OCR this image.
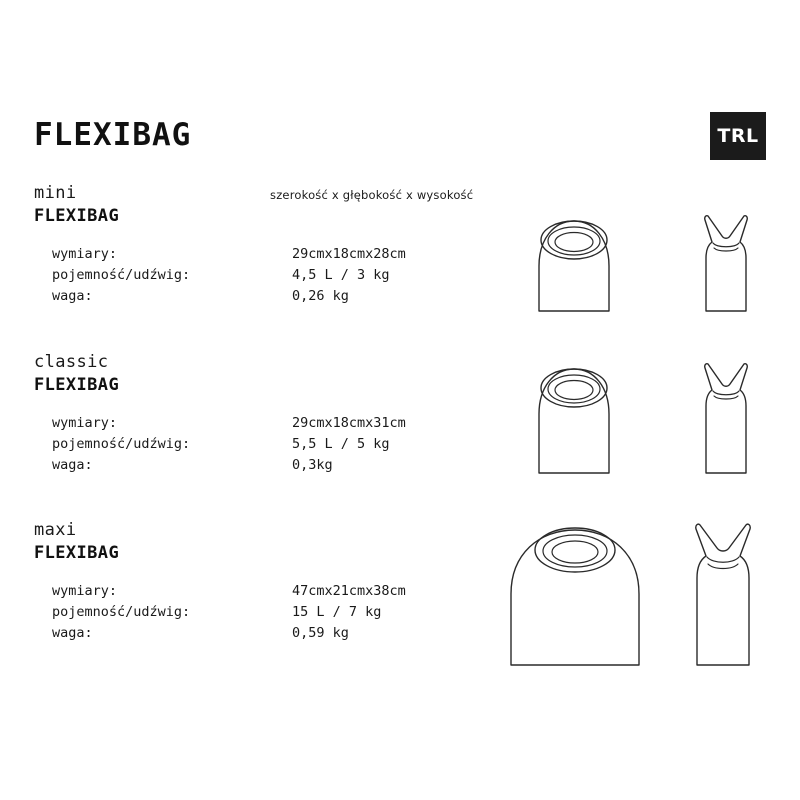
FLEXIBAG	TRL
szerokość x głębokość x wysokość
mini
FLEXIBAG
wymiary:	29cmx18cmx28cm
pojemność/udźwig:	4,5 L / 3 kg
waga:	0,26 kg
classic
FLEXIBAG
wymiary:	29cmx18cmx31cm
pojemność/udźwig:	5,5 L / 5 kg
waga:	0,3kg
maxi
FLEXIBAG
wymiary:	47cmx21cmx38cm
pojemność/udźwig:	15 L / 7 kg
waga:	0,59 kg
